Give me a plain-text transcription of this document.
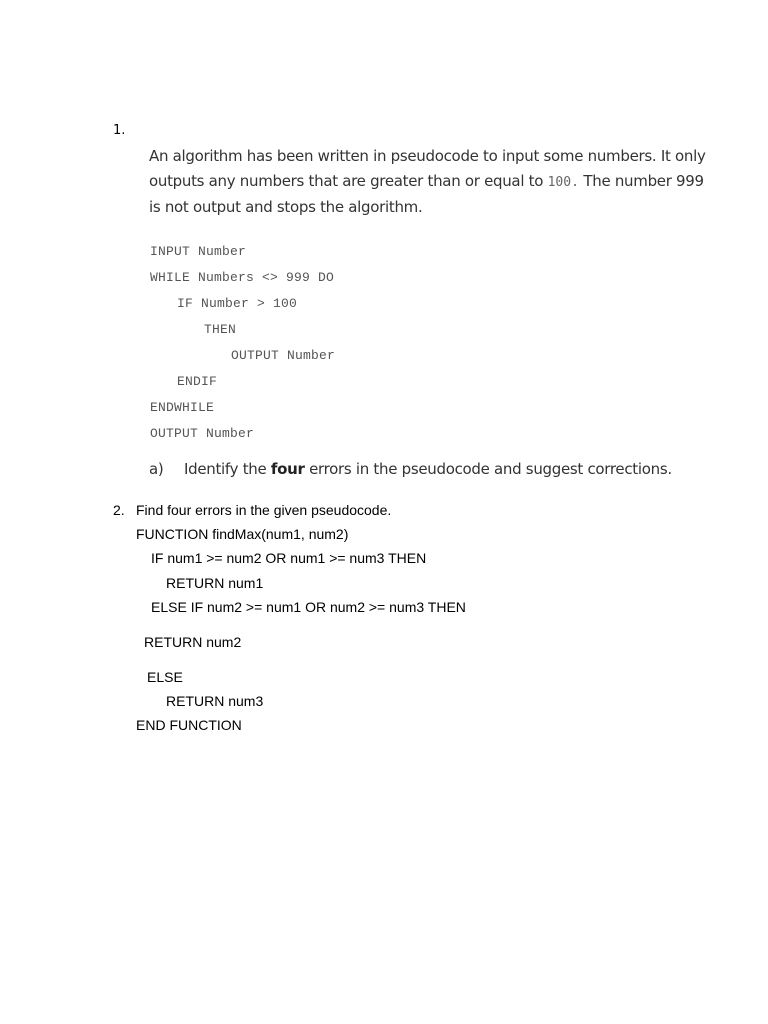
1.
An algorithm has been written in pseudocode to input some numbers. It only outputs any numbers that are greater than or equal to 100. The number 999 is not output and stops the algorithm.
INPUT Number
WHILE Numbers <> 999 DO
IF Number > 100
THEN
OUTPUT Number
ENDIF
ENDWHILE
OUTPUT Number
a) Identify the four errors in the pseudocode and suggest corrections.
2. Find four errors in the given pseudocode.
FUNCTION findMax(num1, num2)
IF num1 >= num2 OR num1 >= num3 THEN
RETURN num1
ELSE IF num2 >= num1 OR num2 >= num3 THEN
RETURN num2
ELSE
RETURN num3
END FUNCTION
